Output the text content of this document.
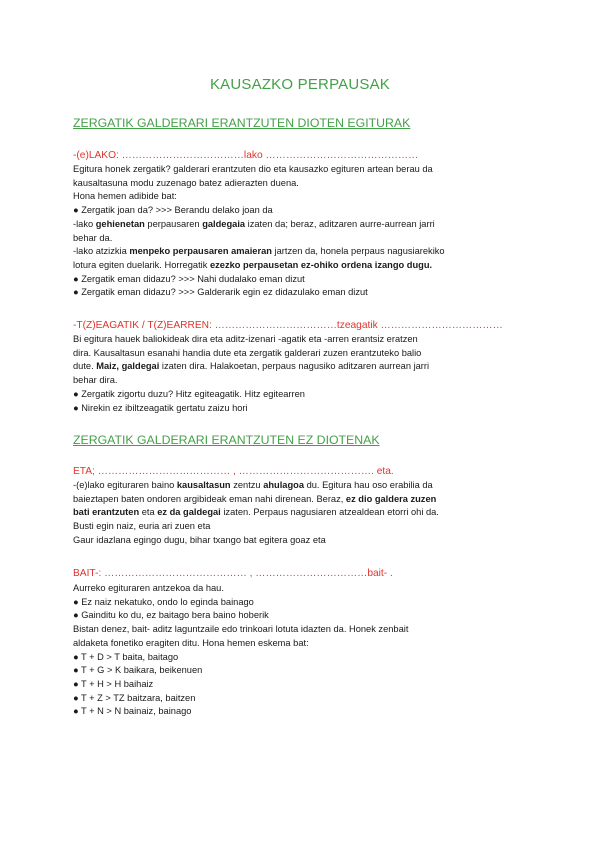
KAUSAZKO PERPAUSAK
ZERGATIK GALDERARI ERANTZUTEN DIOTEN EGITURAK
-(e)LAKO: ………………………………lako ………………………………………
Egitura honek zergatik? galderari erantzuten dio eta kausazko egituren artean berau da
kausaltasuna modu zuzenago batez adierazten duena.
Hona hemen adibide bat:
● Zergatik joan da? >>> Berandu delako joan da
-lako gehienetan perpausaren galdegaia izaten da; beraz, aditzaren aurre-aurrean jarri
behar da.
-lako atzizkia menpeko perpausaren amaieran jartzen da, honela perpaus nagusiarekiko
lotura egiten duelarik. Horregatik ezezko perpausetan ez-ohiko ordena izango dugu.
● Zergatik eman didazu? >>> Nahi dudalako eman dizut
● Zergatik eman didazu? >>> Galderarik egin ez didazulako eman dizut
-T(Z)EAGATIK / T(Z)EARREN: ………………………………tzeagatik ………………………………
Bi egitura hauek baliokideak dira eta aditz-izenari -agatik eta -arren erantsiz eratzen
dira. Kausaltasun esanahi handia dute eta zergatik galderari zuzen erantzuteko balio
dute. Maiz, galdegai izaten dira. Halakoetan, perpaus nagusiko aditzaren aurrean jarri
behar dira.
● Zergatik zigortu duzu? Hitz egiteagatik. Hitz egitearren
● Nirekin ez ibiltzeagatik gertatu zaizu hori
ZERGATIK GALDERARI ERANTZUTEN EZ DIOTENAK
ETA; ………………………………… , …………………………………. eta.
-(e)lako egituraren baino kausaltasun zentzu ahulagoa du. Egitura hau oso erabilia da
baieztapen baten ondoren argibideak eman nahi direnean. Beraz, ez dio galdera zuzen
bati erantzuten eta ez da galdegai izaten. Perpaus nagusiaren atzealdean etorri ohi da.
Busti egin naiz, euria ari zuen eta
Gaur idazlana egingo dugu, bihar txango bat egitera goaz eta
BAIT-: …………………………………… , ……………………………bait- .
Aurreko egituraren antzekoa da hau.
● Ez naiz nekatuko, ondo lo eginda bainago
● Gainditu ko du, ez baitago bera baino hoberik
Bistan denez, bait- aditz laguntzaile edo trinkoari lotuta idazten da. Honek zenbait
aldaketa fonetiko eragiten ditu. Hona hemen eskema bat:
● T + D > T baita, baitago
● T + G > K baikara, beikenuen
● T + H > H baihaiz
● T + Z > TZ baitzara, baitzen
● T + N > N bainaiz, bainago
